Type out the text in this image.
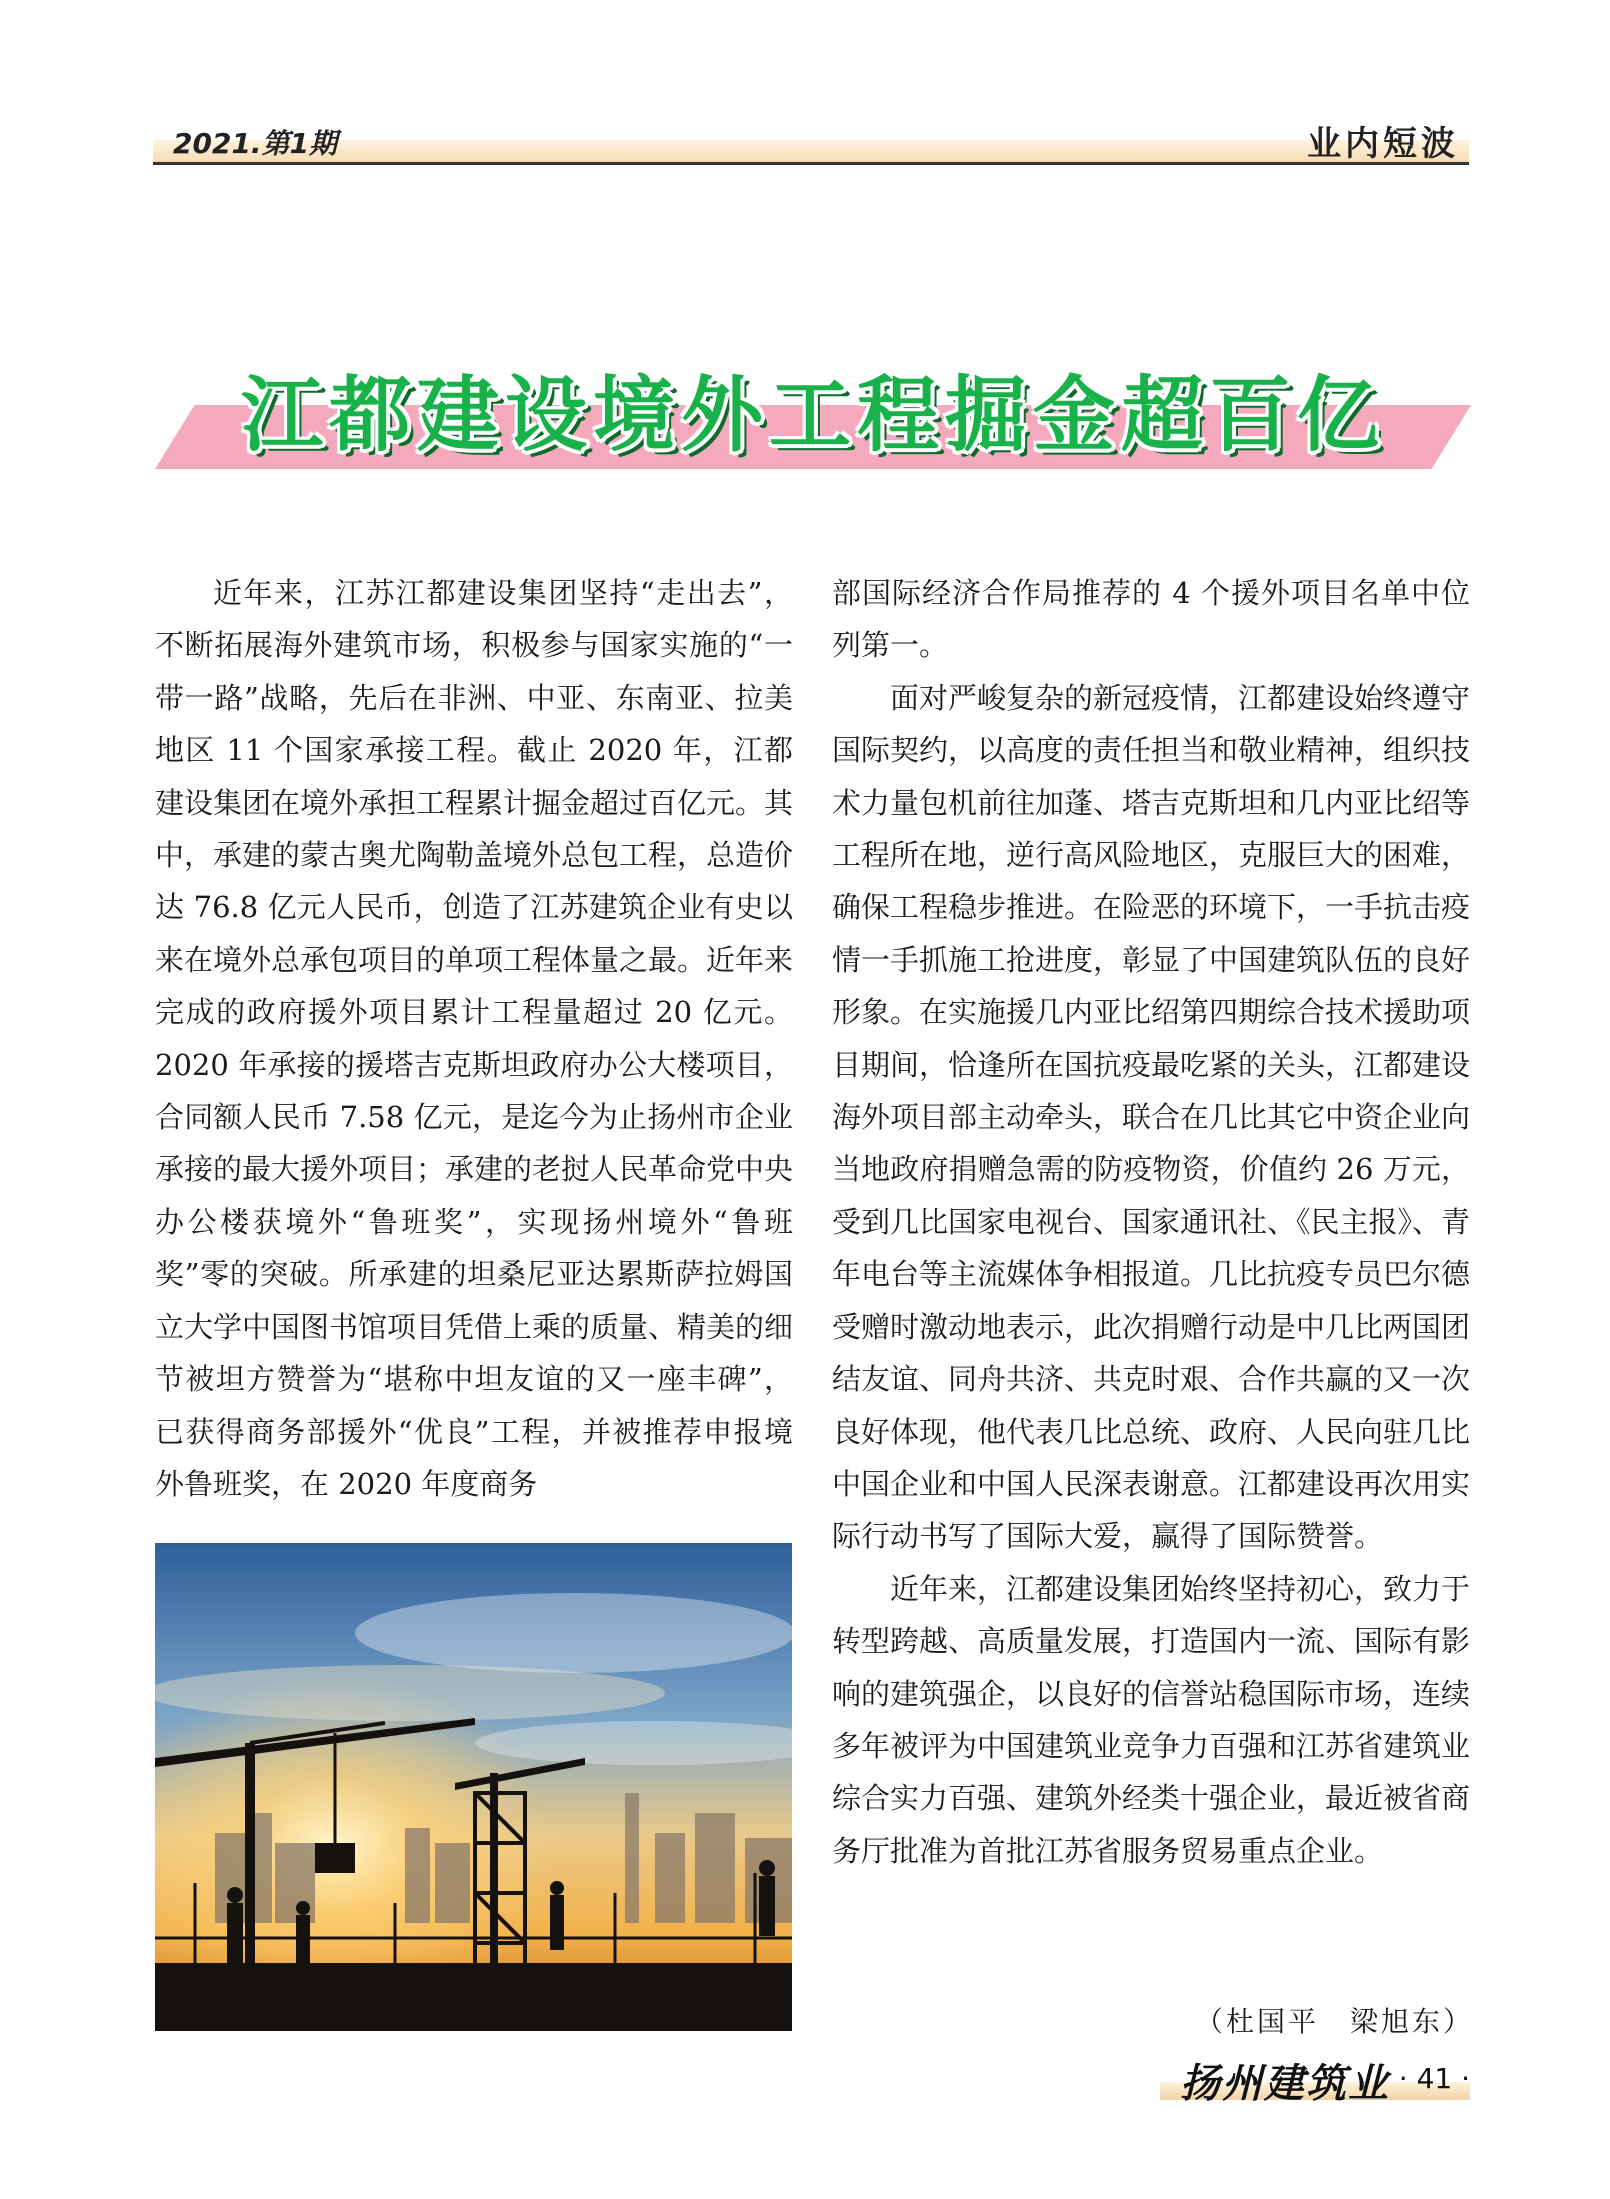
2021.第1期	业内短波
江都建设境外工程掘金超百亿

近年来，江苏江都建设集团坚持“走出去”，不断拓展海外建筑市场，积极参与国家实施的“一带一路”战略，先后在非洲、中亚、东南亚、拉美地区 11 个国家承接工程。截止 2020 年，江都建设集团在境外承担工程累计掘金超过百亿元。其中，承建的蒙古奥尤陶勒盖境外总包工程，总造价达 76.8 亿元人民币，创造了江苏建筑企业有史以来在境外总承包项目的单项工程体量之最。近年来完成的政府援外项目累计工程量超过 20 亿元。2020 年承接的援塔吉克斯坦政府办公大楼项目，合同额人民币 7.58 亿元，是迄今为止扬州市企业承接的最大援外项目；承建的老挝人民革命党中央办公楼获境外“鲁班奖”，实现扬州境外“鲁班奖”零的突破。所承建的坦桑尼亚达累斯萨拉姆国立大学中国图书馆项目凭借上乘的质量、精美的细节被坦方赞誉为“堪称中坦友谊的又一座丰碑”，已获得商务部援外“优良”工程，并被推荐申报境外鲁班奖，在 2020 年度商务

部国际经济合作局推荐的 4 个援外项目名单中位列第一。

面对严峻复杂的新冠疫情，江都建设始终遵守国际契约，以高度的责任担当和敬业精神，组织技术力量包机前往加蓬、塔吉克斯坦和几内亚比绍等工程所在地，逆行高风险地区，克服巨大的困难，确保工程稳步推进。在险恶的环境下，一手抗击疫情一手抓施工抢进度，彰显了中国建筑队伍的良好形象。在实施援几内亚比绍第四期综合技术援助项目期间，恰逢所在国抗疫最吃紧的关头，江都建设海外项目部主动牵头，联合在几比其它中资企业向当地政府捐赠急需的防疫物资，价值约 26 万元，受到几比国家电视台、国家通讯社、《民主报》、青年电台等主流媒体争相报道。几比抗疫专员巴尔德受赠时激动地表示，此次捐赠行动是中几比两国团结友谊、同舟共济、共克时艰、合作共赢的又一次良好体现，他代表几比总统、政府、人民向驻几比中国企业和中国人民深表谢意。江都建设再次用实际行动书写了国际大爱，赢得了国际赞誉。

近年来，江都建设集团始终坚持初心，致力于转型跨越、高质量发展，打造国内一流、国际有影响的建筑强企，以良好的信誉站稳国际市场，连续多年被评为中国建筑业竞争力百强和江苏省建筑业综合实力百强、建筑外经类十强企业，最近被省商务厅批准为首批江苏省服务贸易重点企业。

（杜国平　梁旭东）
扬州建筑业 · 41 ·
